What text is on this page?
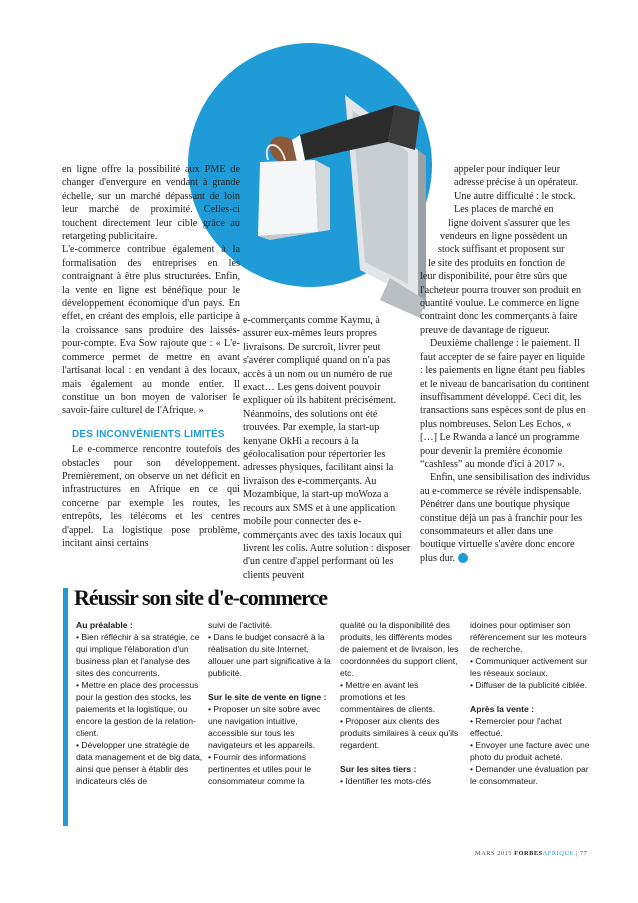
en ligne offre la possibilité aux PME de changer d'envergure en vendant à grande échelle, sur un marché dépassant de loin leur marché de proximité. Celles-ci touchent directement leur cible grâce au retargeting publicitaire.

L'e-commerce contribue également à la formalisation des entreprises en les contraignant à être plus structurées. Enfin, la vente en ligne est bénéfique pour le développement économique d'un pays. En effet, en créant des emplois, elle participe à la croissance sans produire des laissés-pour-compte. Eva Sow rajoute que : « L'e-commerce permet de mettre en avant l'artisanat local : en vendant à des locaux, mais également au monde entier. Il constitue un bon moyen de valoriser le savoir-faire culturel de l'Afrique. »

DES INCONVÉNIENTS LIMITÉS

Le e-commerce rencontre toutefois des obstacles pour son développement. Premièrement, on observe un net déficit en infrastructures en Afrique en ce qui concerne par exemple les routes, les entrepôts, les télécoms et les centres d'appel. La logistique pose problème, incitant ainsi certains

e-commerçants comme Kaymu, à assurer eux-mêmes leurs propres livraisons. De surcroît, livrer peut s'avérer compliqué quand on n'a pas accès à un nom ou un numéro de rue exact… Les gens doivent pouvoir expliquer où ils habitent précisément. Néanmoins, des solutions ont été trouvées. Par exemple, la start-up kenyane OkHi a recours à la géolocalisation pour répertorier les adresses physiques, facilitant ainsi la livraison des e-commerçants. Au Mozambique, la start-up moWoza a recours aux SMS et à une application mobile pour connecter des e-commerçants avec des taxis locaux qui livrent les colis. Autre solution : disposer d'un centre d'appel performant où les clients peuvent

appeler pour indiquer leur

adresse précise à un opérateur.

Une autre difficulté : le stock.

Les places de marché en

ligne doivent s'assurer que les

vendeurs en ligne possèdent un

stock suffisant et proposent sur

le site des produits en fonction de

leur disponibilité, pour être sûrs que l'acheteur pourra trouver son produit en quantité voulue. Le commerce en ligne contraint donc les commerçants à faire preuve de davantage de rigueur.

Deuxième challenge : le paiement. Il faut accepter de se faire payer en liquide : les paiements en ligne étant peu fiables et le niveau de bancarisation du continent insuffisamment développé. Ceci dit, les transactions sans espèces sont de plus en plus nombreuses. Selon Les Echos, « […] Le Rwanda a lancé un programme pour devenir la première économie “cashless” au monde d'ici à 2017 ».

Enfin, une sensibilisation des individus au e-commerce se révèle indispensable. Pénétrer dans une boutique physique constitue déjà un pas à franchir pour les consommateurs et aller dans une boutique virtuelle s'avère donc encore plus dur. F

Réussir son site d'e-commerce

Au préalable :

• Bien réfléchir à sa stratégie, ce qui implique l'élaboration d'un business plan et l'analyse des sites des concurrents.

• Mettre en place des processus pour la gestion des stocks, les paiements et la logistique, ou encore la gestion de la relation-client.

• Développer une stratégie de data management et de big data, ainsi que penser à établir des indicateurs clés de

suivi de l'activité.

• Dans le budget consacré à la réalisation du site Internet, allouer une part significative à la publicité.

Sur le site de vente en ligne :

• Proposer un site sobre avec une navigation intuitive, accessible sur tous les navigateurs et les appareils.

• Fournir des informations pertinentes et utiles pour le consommateur comme la

qualité ou la disponibilité des produits, les différents modes de paiement et de livraison, les coordonnées du support client, etc.

• Mettre en avant les promotions et les commentaires de clients.

• Proposer aux clients des produits similaires à ceux qu'ils regardent.

Sur les sites tiers :

• Identifier les mots-clés

idoines pour optimiser son référencement sur les moteurs de recherche.

• Communiquer activement sur les réseaux sociaux.

• Diffuser de la publicité ciblée.

Après la vente :

• Remercier pour l'achat effectué.

• Envoyer une facture avec une photo du produit acheté.

• Demander une évaluation par le consommateur.

MARS 2015 FORBESAFRIQUE | 77
